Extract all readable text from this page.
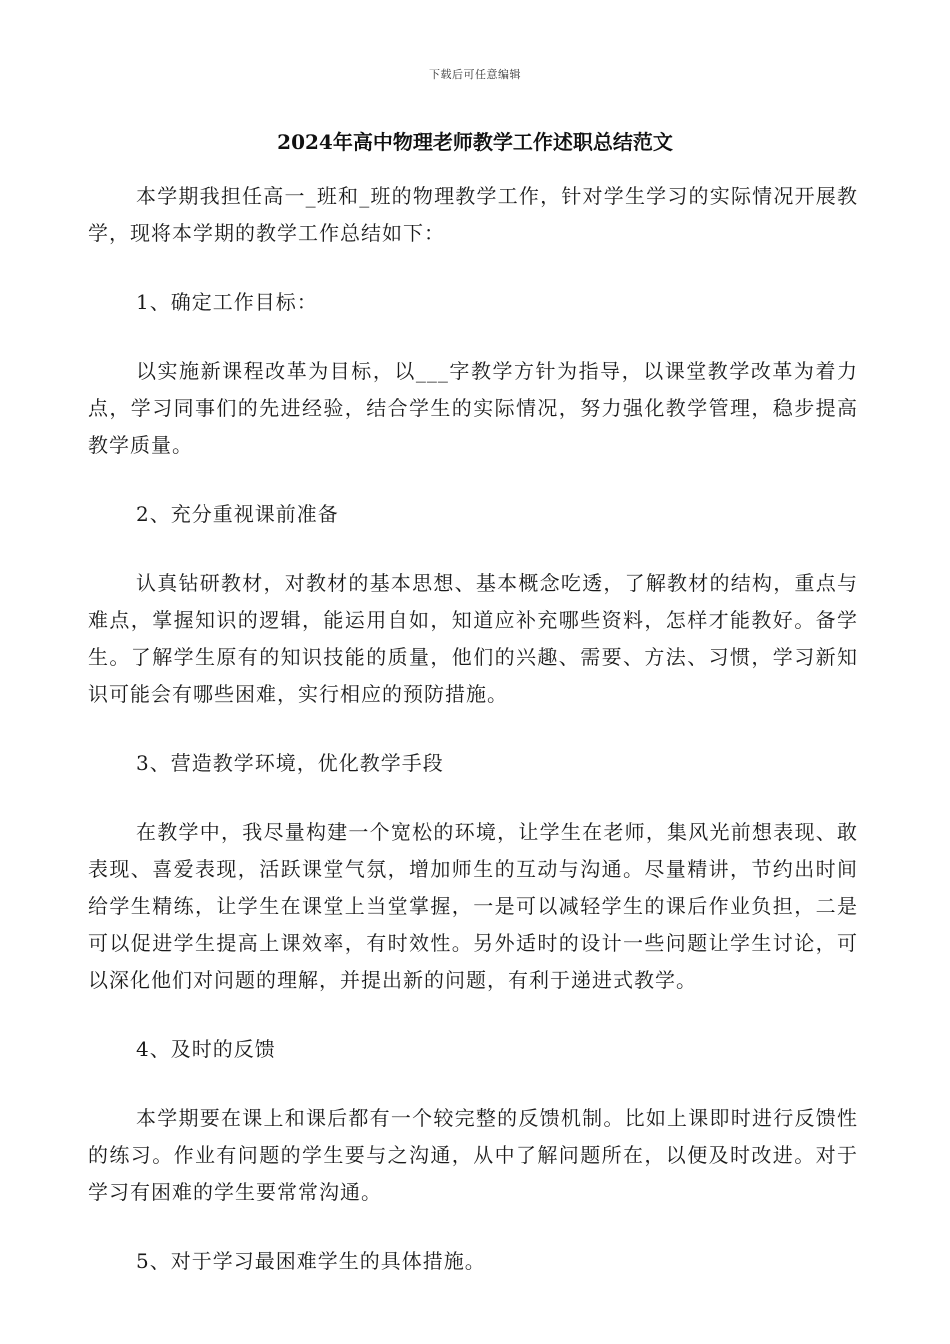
下载后可任意编辑
2024年高中物理老师教学工作述职总结范文

本学期我担任高一_班和_班的物理教学工作，针对学生学习的实际情况开展教学，现将本学期的教学工作总结如下：

1、确定工作目标：

以实施新课程改革为目标，以___字教学方针为指导，以课堂教学改革为着力点，学习同事们的先进经验，结合学生的实际情况，努力强化教学管理，稳步提高教学质量。

2、充分重视课前准备

认真钻研教材，对教材的基本思想、基本概念吃透，了解教材的结构，重点与难点，掌握知识的逻辑，能运用自如，知道应补充哪些资料，怎样才能教好。备学生。了解学生原有的知识技能的质量，他们的兴趣、需要、方法、习惯，学习新知识可能会有哪些困难，实行相应的预防措施。

3、营造教学环境，优化教学手段

在教学中，我尽量构建一个宽松的环境，让学生在老师，集风光前想表现、敢表现、喜爱表现，活跃课堂气氛，增加师生的互动与沟通。尽量精讲，节约出时间给学生精练，让学生在课堂上当堂掌握，一是可以减轻学生的课后作业负担，二是可以促进学生提高上课效率，有时效性。另外适时的设计一些问题让学生讨论，可以深化他们对问题的理解，并提出新的问题，有利于递进式教学。

4、及时的反馈

本学期要在课上和课后都有一个较完整的反馈机制。比如上课即时进行反馈性的练习。作业有问题的学生要与之沟通，从中了解问题所在，以便及时改进。对于学习有困难的学生要常常沟通。

5、对于学习最困难学生的具体措施。
